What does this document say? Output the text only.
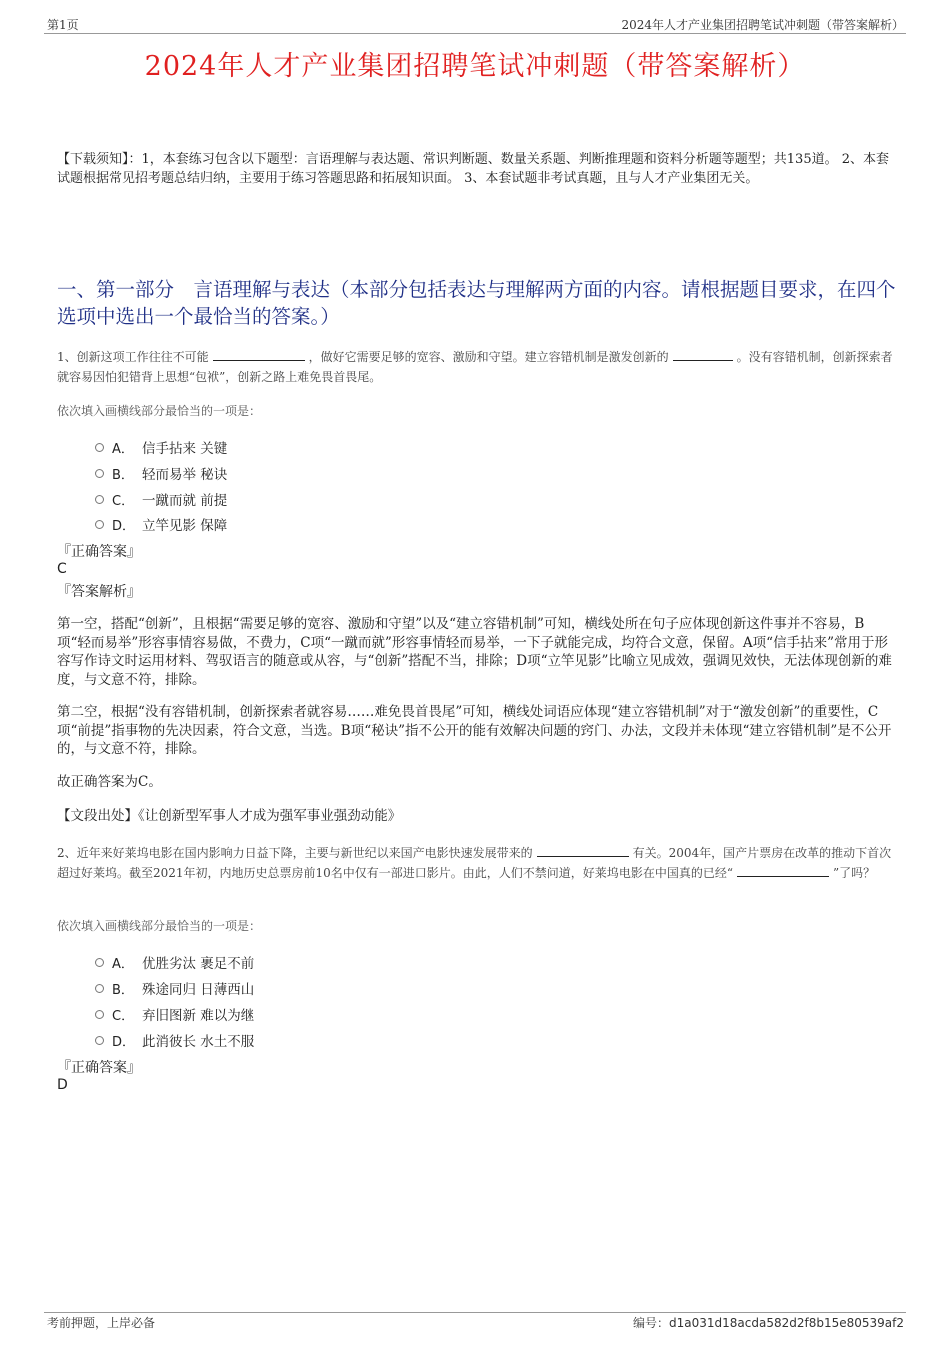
第1页	2024年人才产业集团招聘笔试冲刺题（带答案解析）
2024年人才产业集团招聘笔试冲刺题（带答案解析）
【下载须知】：1，本套练习包含以下题型：言语理解与表达题、常识判断题、数量关系题、判断推理题和资料分析题等题型；共135道。 2、本套试题根据常见招考题总结归纳，主要用于练习答题思路和拓展知识面。 3、本套试题非考试真题，且与人才产业集团无关。
一、第一部分　言语理解与表达（本部分包括表达与理解两方面的内容。请根据题目要求，在四个选项中选出一个最恰当的答案。）
1、创新这项工作往往不可能	，做好它需要足够的宽容、激励和守望。建立容错机制是激发创新的	。没有容错机制，创新探索者就容易因怕犯错背上思想“包袱”，创新之路上难免畏首畏尾。
依次填入画横线部分最恰当的一项是：
A． 信手拈来 关键
B． 轻而易举 秘诀
C． 一蹴而就 前提
D． 立竿见影 保障
『正确答案』
C
『答案解析』
第一空，搭配“创新”，且根据“需要足够的宽容、激励和守望”以及“建立容错机制”可知，横线处所在句子应体现创新这件事并不容易，B项“轻而易举”形容事情容易做，不费力，C项“一蹴而就”形容事情轻而易举，一下子就能完成，均符合文意，保留。A项“信手拈来”常用于形容写作诗文时运用材料、驾驭语言的随意或从容，与“创新”搭配不当，排除；D项“立竿见影”比喻立见成效，强调见效快，无法体现创新的难度，与文意不符，排除。
第二空，根据“没有容错机制，创新探索者就容易……难免畏首畏尾”可知，横线处词语应体现“建立容错机制”对于“激发创新”的重要性，C项“前提”指事物的先决因素，符合文意，当选。B项“秘诀”指不公开的能有效解决问题的窍门、办法，文段并未体现“建立容错机制”是不公开的，与文意不符，排除。
故正确答案为C。
【文段出处】《让创新型军事人才成为强军事业强劲动能》
2、近年来好莱坞电影在国内影响力日益下降，主要与新世纪以来国产电影快速发展带来的	有关。2004年，国产片票房在改革的推动下首次超过好莱坞。截至2021年初，内地历史总票房前10名中仅有一部进口影片。由此，人们不禁问道，好莱坞电影在中国真的已经“	”了吗？
依次填入画横线部分最恰当的一项是：
A． 优胜劣汰 裹足不前
B． 殊途同归 日薄西山
C． 弃旧图新 难以为继
D． 此消彼长 水土不服
『正确答案』
D
考前押题，上岸必备	编号：d1a031d18acda582d2f8b15e80539af2
